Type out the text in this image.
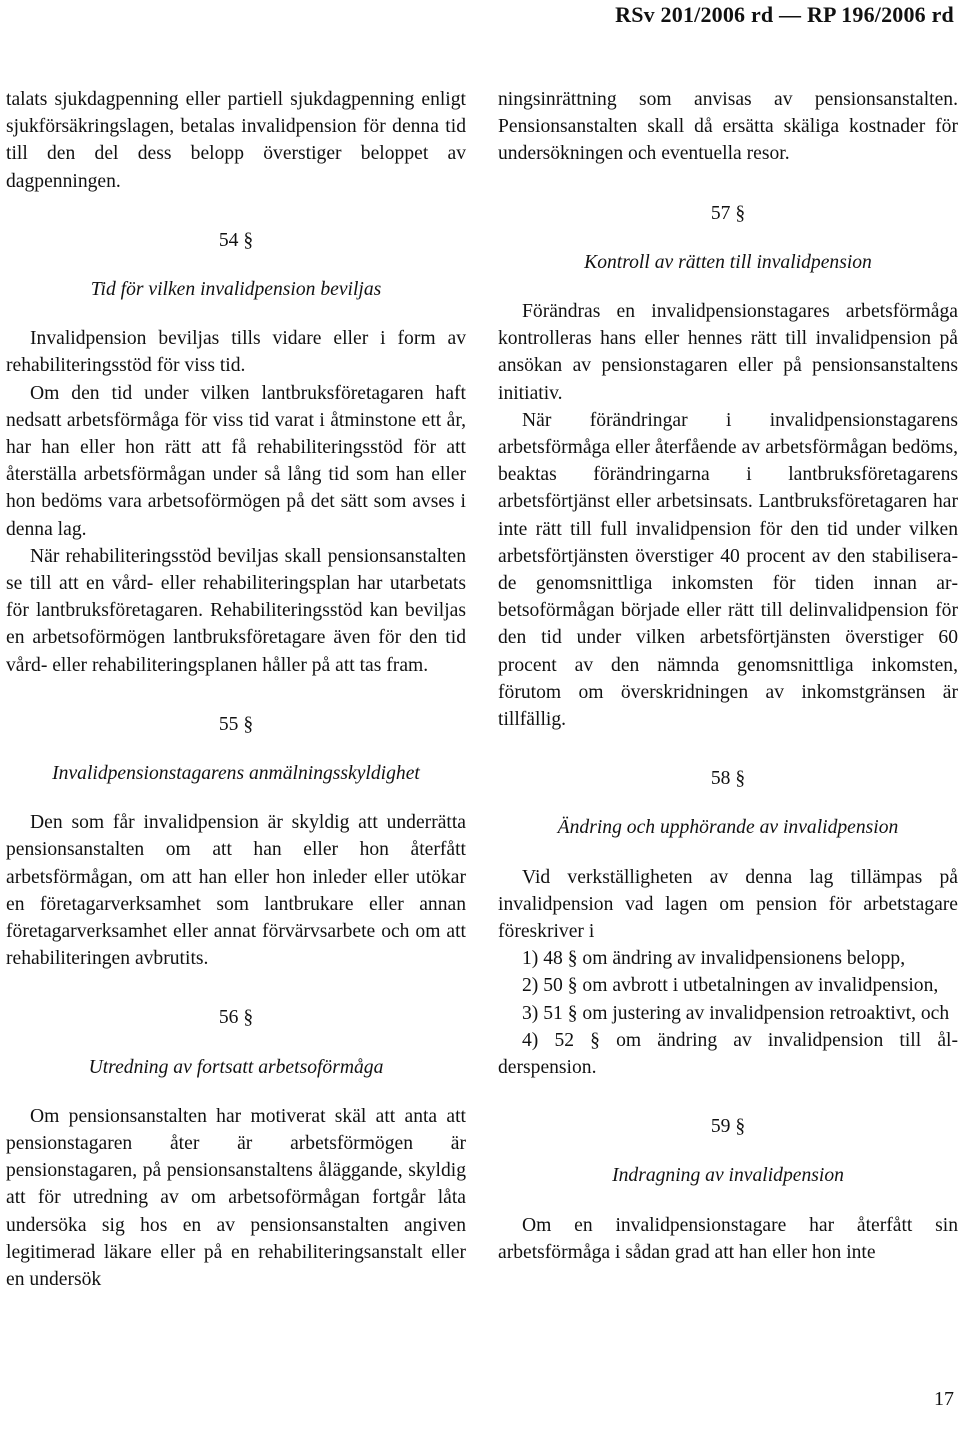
RSv 201/2006 rd — RP 196/2006 rd

talats sjukdagpenning eller partiell sjukdagpenning enligt sjukförsäkringslagen, betalas invalidpension för denna tid till den del dess belopp överstiger beloppet av dagpenningen.

54 §
Tid för vilken invalidpension beviljas

Invalidpension beviljas tills vidare eller i form av rehabiliteringsstöd för viss tid.

Om den tid under vilken lantbruksföretagaren haft nedsatt arbetsförmåga för viss tid varat i åtminstone ett år, har han eller hon rätt att få rehabiliteringsstöd för att återställa arbetsförmågan under så lång tid som han eller hon bedöms vara arbetsoförmögen på det sätt som avses i denna lag.

När rehabiliteringsstöd beviljas skall pensionsanstalten se till att en vård- eller rehabiliteringsplan har utarbetats för lantbruksföretagaren. Rehabiliteringsstöd kan beviljas en arbetsoförmögen lantbruksföretagare även för den tid vård- eller rehabiliteringsplanen håller på att tas fram.

55 §
Invalidpensionstagarens anmälningsskyldighet

Den som får invalidpension är skyldig att underrätta pensionsanstalten om att han eller hon återfått arbetsförmågan, om att han eller hon inleder eller utökar en företagarverksamhet som lantbrukare eller annan företagarverksamhet eller annat förvärvsarbete och om att rehabiliteringen avbrutits.

56 §
Utredning av fortsatt arbetsoförmåga

Om pensionsanstalten har motiverat skäl att anta att pensionstagaren åter är arbetsförmögen är pensionstagaren, på pensionsanstaltens åläggande, skyldig att för utredning av om arbetsoförmågan fortgår låta undersöka sig hos en av pensionsanstalten angiven legitimerad läkare eller på en rehabiliteringsanstalt eller en undersök

ningsinrättning som anvisas av pensionsanstalten. Pensionsanstalten skall då ersätta skäliga kostnader för undersökningen och eventuella resor.

57 §
Kontroll av rätten till invalidpension

Förändras en invalidpensionstagares arbetsförmåga kontrolleras hans eller hennes rätt till invalidpension på ansökan av pensionstagaren eller på pensionsanstaltens initiativ.

När förändringar i invalidpensionstagarens arbetsförmåga eller återfående av arbetsförmågan bedöms, beaktas förändringarna i lantbruksföretagarens arbetsförtjänst eller arbetsinsats. Lantbruksföretagaren har inte rätt till full invalidpension för den tid under vilken arbetsförtjänsten överstiger 40 procent av den stabiliserade genomsnittliga inkomsten för tiden innan arbetsoförmågan började eller rätt till delinvalidpension för den tid under vilken arbetsförtjänsten överstiger 60 procent av den nämnda genomsnittliga inkomsten, förutom om överskridningen av inkomstgränsen är tillfällig.

58 §
Ändring och upphörande av invalidpension

Vid verkställigheten av denna lag tillämpas på invalidpension vad lagen om pension för arbetstagare föreskriver i

1) 48 § om ändring av invalidpensionens belopp,

2) 50 § om avbrott i utbetalningen av invalidpension,

3) 51 § om justering av invalidpension retroaktivt, och

4) 52 § om ändring av invalidpension till ålderspension.

59 §
Indragning av invalidpension

Om en invalidpensionstagare har återfått sin arbetsförmåga i sådan grad att han eller hon inte

17
